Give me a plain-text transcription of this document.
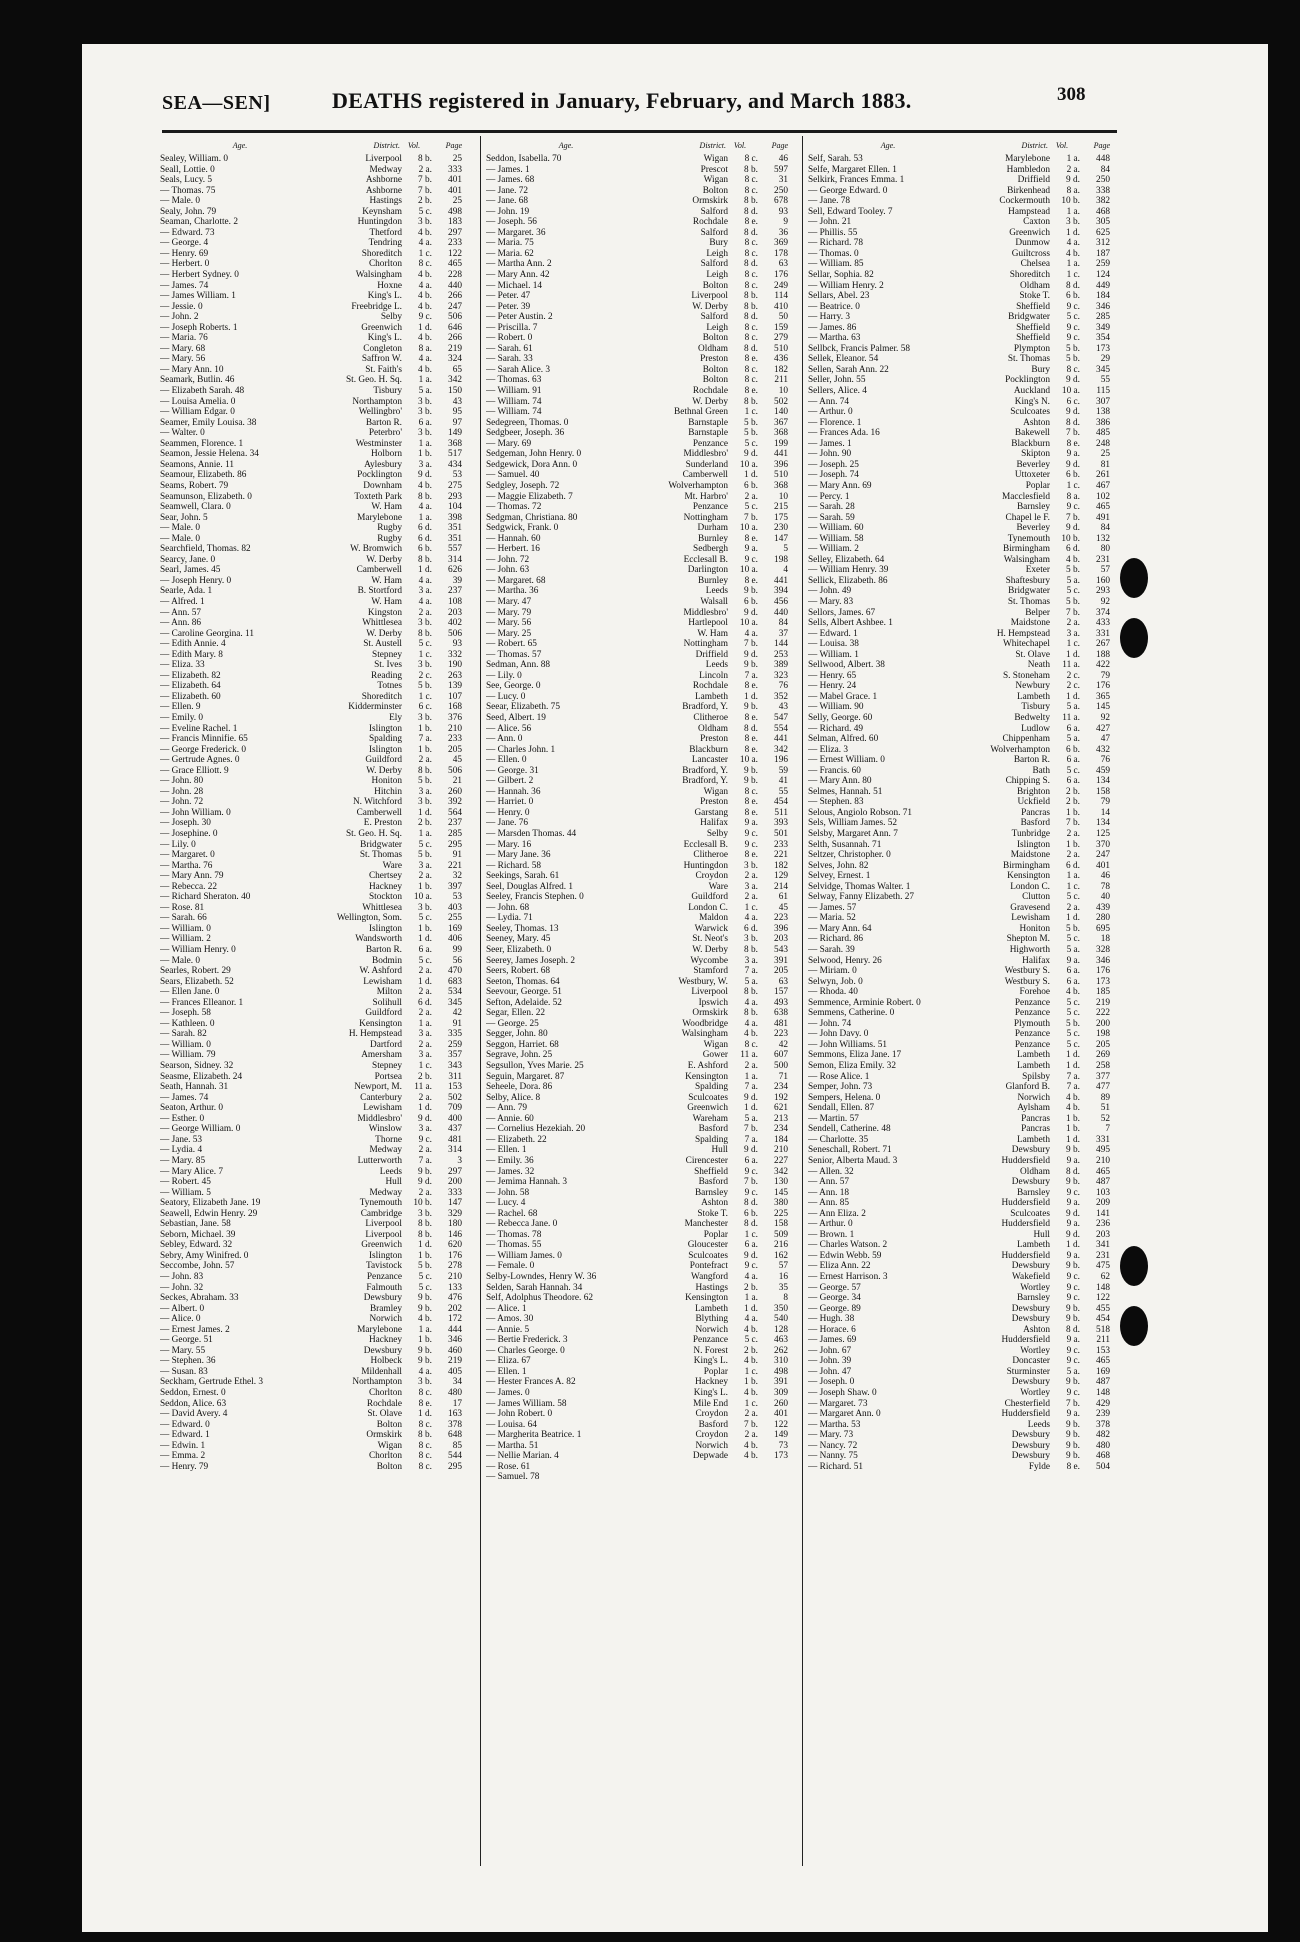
SEA—SEN]	DEATHS registered in January, February, and March 1883.	308
Age.	District. Vol.	Page
Sealey, William. 0	Liverpool	8 b.	25
Seall, Lottie. 0	Medway	2 a.	333
Seals, Lucy. 5	Ashborne	7 b.	401
— Thomas. 75	Ashborne	7 b.	401
— Male. 0	Hastings	2 b.	25
Sealy, John. 79	Keynsham	5 c.	498
Seaman, Charlotte. 2	Huntingdon	3 b.	183
— Edward. 73	Thetford	4 b.	297
— George. 4	Tendring	4 a.	233
— Henry. 69	Shoreditch	1 c.	122
— Herbert. 0	Chorlton	8 c.	465
— Herbert Sydney. 0	Walsingham	4 b.	228
— James. 74	Hoxne	4 a.	440
— James William. 1	King's L.	4 b.	266
— Jessie. 0	Freebridge L.	4 b.	247
— John. 2	Selby	9 c.	506
— Joseph Roberts. 1	Greenwich	1 d.	646
— Maria. 76	King's L.	4 b.	266
— Mary. 68	Congleton	8 a.	219
— Mary. 56	Saffron W.	4 a.	324
— Mary Ann. 10	St. Faith's	4 b.	65
Seamark, Butlin. 46	St. Geo. H. Sq.	1 a.	342
— Elizabeth Sarah. 48	Tisbury	5 a.	150
— Louisa Amelia. 0	Northampton	3 b.	43
— William Edgar. 0	Wellingbro'	3 b.	95
Seamer, Emily Louisa. 38	Barton R.	6 a.	97
— Walter. 0	Peterbro'	3 b.	149
Seammen, Florence. 1	Westminster	1 a.	368
Seamon, Jessie Helena. 34	Holborn	1 b.	517
Seamons, Annie. 11	Aylesbury	3 a.	434
Seamour, Elizabeth. 86	Pocklington	9 d.	53
Seams, Robert. 79	Downham	4 b.	275
Seamunson, Elizabeth. 0	Toxteth Park	8 b.	293
Seamwell, Clara. 0	W. Ham	4 a.	104
Sear, John. 5	Marylebone	1 a.	398
— Male. 0	Rugby	6 d.	351
— Male. 0	Rugby	6 d.	351
Searchfield, Thomas. 82	W. Bromwich	6 b.	557
Searcy, Jane. 0	W. Derby	8 b.	314
Searl, James. 45	Camberwell	1 d.	626
— Joseph Henry. 0	W. Ham	4 a.	39
Searle, Ada. 1	B. Stortford	3 a.	237
— Alfred. 1	W. Ham	4 a.	108
— Ann. 57	Kingston	2 a.	203
— Ann. 86	Whittlesea	3 b.	402
— Caroline Georgina. 11	W. Derby	8 b.	506
— Edith Annie. 4	St. Austell	5 c.	93
— Edith Mary. 8	Stepney	1 c.	332
— Eliza. 33	St. Ives	3 b.	190
— Elizabeth. 82	Reading	2 c.	263
— Elizabeth. 64	Totnes	5 b.	139
— Elizabeth. 60	Shoreditch	1 c.	107
— Ellen. 9	Kidderminster	6 c.	168
— Emily. 0	Ely	3 b.	376
— Eveline Rachel. 1	Islington	1 b.	210
— Francis Minnifie. 65	Spalding	7 a.	233
— George Frederick. 0	Islington	1 b.	205
— Gertrude Agnes. 0	Guildford	2 a.	45
— Grace Elliott. 9	W. Derby	8 b.	506
— John. 80	Honiton	5 b.	21
— John. 28	Hitchin	3 a.	260
— John. 72	N. Witchford	3 b.	392
— John William. 0	Camberwell	1 d.	564
— Joseph. 30	E. Preston	2 b.	237
— Josephine. 0	St. Geo. H. Sq.	1 a.	285
— Lily. 0	Bridgwater	5 c.	295
— Margaret. 0	St. Thomas	5 b.	91
— Martha. 76	Ware	3 a.	221
— Mary Ann. 79	Chertsey	2 a.	32
— Rebecca. 22	Hackney	1 b.	397
— Richard Sheraton. 40	Stockton	10 a.	53
— Rose. 81	Whittlesea	3 b.	403
— Sarah. 66	Wellington, Som.	5 c.	255
— William. 0	Islington	1 b.	169
— William. 2	Wandsworth	1 d.	406
— William Henry. 0	Barton R.	6 a.	99
— Male. 0	Bodmin	5 c.	56
Searles, Robert. 29	W. Ashford	2 a.	470
Sears, Elizabeth. 52	Lewisham	1 d.	683
— Ellen Jane. 0	Milton	2 a.	534
— Frances Elleanor. 1	Solihull	6 d.	345
— Joseph. 58	Guildford	2 a.	42
— Kathleen. 0	Kensington	1 a.	91
— Sarah. 82	H. Hempstead	3 a.	335
— William. 0	Dartford	2 a.	259
— William. 79	Amersham	3 a.	357
Searson, Sidney. 32	Stepney	1 c.	343
Seasme, Elizabeth. 24	Portsea	2 b.	311
Seath, Hannah. 31	Newport, M.	11 a.	153
— James. 74	Canterbury	2 a.	502
Seaton, Arthur. 0	Lewisham	1 d.	709
— Esther. 0	Middlesbro'	9 d.	400
— George William. 0	Winslow	3 a.	437
— Jane. 53	Thorne	9 c.	481
— Lydia. 4	Medway	2 a.	314
— Mary. 85	Lutterworth	7 a.	3
— Mary Alice. 7	Leeds	9 b.	297
— Robert. 45	Hull	9 d.	200
— William. 5	Medway	2 a.	333
Seatory, Elizabeth Jane. 19	Tynemouth	10 b.	147
Seawell, Edwin Henry. 29	Cambridge	3 b.	329
Sebastian, Jane. 58	Liverpool	8 b.	180
Seborn, Michael. 39	Liverpool	8 b.	146
Sebley, Edward. 32	Greenwich	1 d.	620
Sebry, Amy Winifred. 0	Islington	1 b.	176
Seccombe, John. 57	Tavistock	5 b.	278
— John. 83	Penzance	5 c.	210
— John. 32	Falmouth	5 c.	133
Seckes, Abraham. 33	Dewsbury	9 b.	476
— Albert. 0	Bramley	9 b.	202
— Alice. 0	Norwich	4 b.	172
— Ernest James. 2	Marylebone	1 a.	444
— George. 51	Hackney	1 b.	346
— Mary. 55	Dewsbury	9 b.	460
— Stephen. 36	Holbeck	9 b.	219
— Susan. 83	Mildenhall	4 a.	405
Seckham, Gertrude Ethel. 3	Northampton	3 b.	34
Seddon, Ernest. 0	Chorlton	8 c.	480
Seddon, Alice. 63	Rochdale	8 e.	17
— David Avery. 4	St. Olave	1 d.	163
— Edward. 0	Bolton	8 c.	378
— Edward. 1	Ormskirk	8 b.	648
— Edwin. 1	Wigan	8 c.	85
— Emma. 2	Chorlton	8 c.	544
— Henry. 79	Bolton	8 c.	295
Age.	District. Vol.	Page
Seddon, Isabella. 70	Wigan	8 c.	46
— James. 1	Prescot	8 b.	597
— James. 68	Wigan	8 c.	31
— Jane. 72	Bolton	8 c.	250
— Jane. 68	Ormskirk	8 b.	678
— John. 19	Salford	8 d.	93
— Joseph. 56	Rochdale	8 e.	9
— Margaret. 36	Salford	8 d.	36
— Maria. 75	Bury	8 c.	369
— Maria. 62	Leigh	8 c.	178
— Martha Ann. 2	Salford	8 d.	63
— Mary Ann. 42	Leigh	8 c.	176
— Michael. 14	Bolton	8 c.	249
— Peter. 47	Liverpool	8 b.	114
— Peter. 39	W. Derby	8 b.	410
— Peter Austin. 2	Salford	8 d.	50
— Priscilla. 7	Leigh	8 c.	159
— Robert. 0	Bolton	8 c.	279
— Sarah. 61	Oldham	8 d.	510
— Sarah. 33	Preston	8 e.	436
— Sarah Alice. 3	Bolton	8 c.	182
— Thomas. 63	Bolton	8 c.	211
— William. 91	Rochdale	8 e.	10
— William. 74	W. Derby	8 b.	502
— William. 74	Bethnal Green	1 c.	140
Sedegreen, Thomas. 0	Barnstaple	5 b.	367
Sedgbeer, Joseph. 36	Barnstaple	5 b.	368
— Mary. 69	Penzance	5 c.	199
Sedgeman, John Henry. 0	Middlesbro'	9 d.	441
Sedgewick, Dora Ann. 0	Sunderland	10 a.	396
— Samuel. 40	Camberwell	1 d.	510
Sedgley, Joseph. 72	Wolverhampton	6 b.	368
— Maggie Elizabeth. 7	Mt. Harbro'	2 a.	10
— Thomas. 72	Penzance	5 c.	215
Sedgman, Christiana. 80	Nottingham	7 b.	175
Sedgwick, Frank. 0	Durham	10 a.	230
— Hannah. 60	Burnley	8 e.	147
— Herbert. 16	Sedbergh	9 a.	5
— John. 72	Ecclesall B.	9 c.	198
— John. 63	Darlington	10 a.	4
— Margaret. 68	Burnley	8 e.	441
— Martha. 36	Leeds	9 b.	394
— Mary. 47	Walsall	6 b.	456
— Mary. 79	Middlesbro'	9 d.	440
— Mary. 56	Hartlepool	10 a.	84
— Mary. 25	W. Ham	4 a.	37
— Robert. 65	Nottingham	7 b.	144
— Thomas. 57	Driffield	9 d.	253
Sedman, Ann. 88	Leeds	9 b.	389
— Lily. 0	Lincoln	7 a.	323
See, George. 0	Rochdale	8 e.	76
— Lucy. 0	Lambeth	1 d.	352
Seear, Elizabeth. 75	Bradford, Y.	9 b.	43
Seed, Albert. 19	Clitheroe	8 e.	547
— Alice. 56	Oldham	8 d.	554
— Ann. 0	Preston	8 e.	441
— Charles John. 1	Blackburn	8 e.	342
— Ellen. 0	Lancaster	10 a.	196
— George. 31	Bradford, Y.	9 b.	59
— Gilbert. 2	Bradford, Y.	9 b.	41
— Hannah. 36	Wigan	8 c.	55
— Harriet. 0	Preston	8 e.	454
— Henry. 0	Garstang	8 e.	511
— Jane. 76	Halifax	9 a.	393
— Marsden Thomas. 44	Selby	9 c.	501
— Mary. 16	Ecclesall B.	9 c.	233
— Mary Jane. 36	Clitheroe	8 e.	221
— Richard. 58	Huntingdon	3 b.	182
Seekings, Sarah. 61	Croydon	2 a.	129
Seel, Douglas Alfred. 1	Ware	3 a.	214
Seeley, Francis Stephen. 0	Guildford	2 a.	61
— John. 68	London C.	1 c.	45
— Lydia. 71	Maldon	4 a.	223
Seeley, Thomas. 13	Warwick	6 d.	396
Seeney, Mary. 45	St. Neot's	3 b.	203
Seer, Elizabeth. 0	W. Derby	8 b.	543
Seerey, James Joseph. 2	Wycombe	3 a.	391
Seers, Robert. 68	Stamford	7 a.	205
Seeton, Thomas. 64	Westbury, W.	5 a.	63
Seevour, George. 51	Liverpool	8 b.	157
Sefton, Adelaide. 52	Ipswich	4 a.	493
Segar, Ellen. 22	Ormskirk	8 b.	638
— George. 25	Woodbridge	4 a.	481
Segger, John. 80	Walsingham	4 b.	223
Seggon, Harriet. 68	Wigan	8 c.	42
Segrave, John. 25	Gower	11 a.	607
Segsullon, Yves Marie. 25	E. Ashford	2 a.	500
Seguin, Margaret. 87	Kensington	1 a.	71
Seheele, Dora. 86	Spalding	7 a.	234
Selby, Alice. 8	Sculcoates	9 d.	192
— Ann. 79	Greenwich	1 d.	621
— Annie. 60	Wareham	5 a.	213
— Cornelius Hezekiah. 20	Basford	7 b.	234
— Elizabeth. 22	Spalding	7 a.	184
— Ellen. 1	Hull	9 d.	210
— Emily. 36	Cirencester	6 a.	227
— James. 32	Sheffield	9 c.	342
— Jemima Hannah. 3	Basford	7 b.	130
— John. 58	Barnsley	9 c.	145
— Lucy. 4	Ashton	8 d.	380
— Rachel. 68	Stoke T.	6 b.	225
— Rebecca Jane. 0	Manchester	8 d.	158
— Thomas. 78	Poplar	1 c.	509
— Thomas. 55	Gloucester	6 a.	216
— William James. 0	Sculcoates	9 d.	162
— Female. 0	Pontefract	9 c.	57
Selby-Lowndes, Henry W. 36	Wangford	4 a.	16
Selden, Sarah Hannah. 34	Hastings	2 b.	35
Self, Adolphus Theodore. 62	Kensington	1 a.	8
— Alice. 1	Lambeth	1 d.	350
— Amos. 30	Blything	4 a.	540
— Annie. 5	Norwich	4 b.	128
— Bertie Frederick. 3	Penzance	5 c.	463
— Charles George. 0	N. Forest	2 b.	262
— Eliza. 67	King's L.	4 b.	310
— Ellen. 1	Poplar	1 c.	498
— Hester Frances A. 82	Hackney	1 b.	391
— James. 0	King's L.	4 b.	309
— James William. 58	Mile End	1 c.	260
— John Robert. 0	Croydon	2 a.	401
— Louisa. 64	Basford	7 b.	122
— Margherita Beatrice. 1	Croydon	2 a.	149
— Martha. 51	Norwich	4 b.	73
— Nellie Marian. 4	Depwade	4 b.	173
— Rose. 61
— Samuel. 78
Age.	District. Vol.	Page
Self, Sarah. 53	Marylebone	1 a.	448
Selfe, Margaret Ellen. 1	Hambledon	2 a.	84
Selkirk, Frances Emma. 1	Driffield	9 d.	250
— George Edward. 0	Birkenhead	8 a.	338
— Jane. 78	Cockermouth	10 b.	382
Sell, Edward Tooley. 7	Hampstead	1 a.	468
— John. 21	Caxton	3 b.	305
— Phillis. 55	Greenwich	1 d.	625
— Richard. 78	Dunmow	4 a.	312
— Thomas. 0	Guiltcross	4 b.	187
— William. 85	Chelsea	1 a.	259
Sellar, Sophia. 82	Shoreditch	1 c.	124
— William Henry. 2	Oldham	8 d.	449
Sellars, Abel. 23	Stoke T.	6 b.	184
— Beatrice. 0	Sheffield	9 c.	346
— Harry. 3	Bridgwater	5 c.	285
— James. 86	Sheffield	9 c.	349
— Martha. 63	Sheffield	9 c.	354
Sellbck, Francis Palmer. 58	Plympton	5 b.	173
Sellek, Eleanor. 54	St. Thomas	5 b.	29
Sellen, Sarah Ann. 22	Bury	8 c.	345
Seller, John. 55	Pocklington	9 d.	55
Sellers, Alice. 4	Auckland	10 a.	115
— Ann. 74	King's N.	6 c.	307
— Arthur. 0	Sculcoates	9 d.	138
— Florence. 1	Ashton	8 d.	386
— Frances Ada. 16	Bakewell	7 b.	485
— James. 1	Blackburn	8 e.	248
— John. 90	Skipton	9 a.	25
— Joseph. 25	Beverley	9 d.	81
— Joseph. 74	Uttoxeter	6 b.	261
— Mary Ann. 69	Poplar	1 c.	467
— Percy. 1	Macclesfield	8 a.	102
— Sarah. 28	Barnsley	9 c.	465
— Sarah. 59	Chapel le F.	7 b.	491
— William. 60	Beverley	9 d.	84
— William. 58	Tynemouth	10 b.	132
— William. 2	Birmingham	6 d.	80
Selley, Elizabeth. 64	Walsingham	4 b.	231
— William Henry. 39	Exeter	5 b.	57
Sellick, Elizabeth. 86	Shaftesbury	5 a.	160
— John. 49	Bridgwater	5 c.	293
— Mary. 83	St. Thomas	5 b.	92
Sellors, James. 67	Belper	7 b.	374
Sells, Albert Ashbee. 1	Maidstone	2 a.	433
— Edward. 1	H. Hempstead	3 a.	331
— Louisa. 38	Whitechapel	1 c.	267
— William. 1	St. Olave	1 d.	188
Sellwood, Albert. 38	Neath	11 a.	422
— Henry. 65	S. Stoneham	2 c.	79
— Henry. 24	Newbury	2 c.	176
— Mabel Grace. 1	Lambeth	1 d.	365
— William. 90	Tisbury	5 a.	145
Selly, George. 60	Bedwelty	11 a.	92
— Richard. 49	Ludlow	6 a.	427
Selman, Alfred. 60	Chippenham	5 a.	47
— Eliza. 3	Wolverhampton	6 b.	432
— Ernest William. 0	Barton R.	6 a.	76
— Francis. 60	Bath	5 c.	459
— Mary Ann. 80	Chipping S.	6 a.	134
Selmes, Hannah. 51	Brighton	2 b.	158
— Stephen. 83	Uckfield	2 b.	79
Selous, Angiolo Robson. 71	Pancras	1 b.	14
Sels, William James. 52	Basford	7 b.	134
Selsby, Margaret Ann. 7	Tunbridge	2 a.	125
Selth, Susannah. 71	Islington	1 b.	370
Seltzer, Christopher. 0	Maidstone	2 a.	247
Selves, John. 82	Birmingham	6 d.	401
Selvey, Ernest. 1	Kensington	1 a.	46
Selvidge, Thomas Walter. 1	London C.	1 c.	78
Selway, Fanny Elizabeth. 27	Clutton	5 c.	40
— James. 57	Gravesend	2 a.	439
— Maria. 52	Lewisham	1 d.	280
— Mary Ann. 64	Honiton	5 b.	695
— Richard. 86	Shepton M.	5 c.	18
— Sarah. 39	Highworth	5 a.	328
Selwood, Henry. 26	Halifax	9 a.	346
— Miriam. 0	Westbury S.	6 a.	176
Selwyn, Job. 0	Westbury S.	6 a.	173
— Rhoda. 40	Forehoe	4 b.	185
Semmence, Arminie Robert. 0	Penzance	5 c.	219
Semmens, Catherine. 0	Penzance	5 c.	222
— John. 74	Plymouth	5 b.	200
— John Davy. 0	Penzance	5 c.	198
— John Williams. 51	Penzance	5 c.	205
Semmons, Eliza Jane. 17	Lambeth	1 d.	269
Semon, Eliza Emily. 32	Lambeth	1 d.	258
— Rose Alice. 1	Spilsby	7 a.	377
Semper, John. 73	Glanford B.	7 a.	477
Sempers, Helena. 0	Norwich	4 b.	89
Sendall, Ellen. 87	Aylsham	4 b.	51
— Martin. 57	Pancras	1 b.	52
Sendell, Catherine. 48	Pancras	1 b.	7
— Charlotte. 35	Lambeth	1 d.	331
Seneschall, Robert. 71	Dewsbury	9 b.	495
Senior, Alberta Maud. 3	Huddersfield	9 a.	210
— Allen. 32	Oldham	8 d.	465
— Ann. 57	Dewsbury	9 b.	487
— Ann. 18	Barnsley	9 c.	103
— Ann. 85	Huddersfield	9 a.	209
— Ann Eliza. 2	Sculcoates	9 d.	141
— Arthur. 0	Huddersfield	9 a.	236
— Brown. 1	Hull	9 d.	203
— Charles Watson. 2	Lambeth	1 d.	341
— Edwin Webb. 59	Huddersfield	9 a.	231
— Eliza Ann. 22	Dewsbury	9 b.	475
— Ernest Harrison. 3	Wakefield	9 c.	62
— George. 57	Wortley	9 c.	148
— George. 34	Barnsley	9 c.	122
— George. 89	Dewsbury	9 b.	455
— Hugh. 38	Dewsbury	9 b.	454
— Horace. 6	Ashton	8 d.	518
— James. 69	Huddersfield	9 a.	211
— John. 67	Wortley	9 c.	153
— John. 39	Doncaster	9 c.	465
— John. 47	Sturminster	5 a.	169
— Joseph. 0	Dewsbury	9 b.	487
— Joseph Shaw. 0	Wortley	9 c.	148
— Margaret. 73	Chesterfield	7 b.	429
— Margaret Ann. 0	Huddersfield	9 a.	239
— Martha. 53	Leeds	9 b.	378
— Mary. 73	Dewsbury	9 b.	482
— Nancy. 72	Dewsbury	9 b.	480
— Nanny. 75	Dewsbury	9 b.	468
— Richard. 51	Fylde	8 e.	504
